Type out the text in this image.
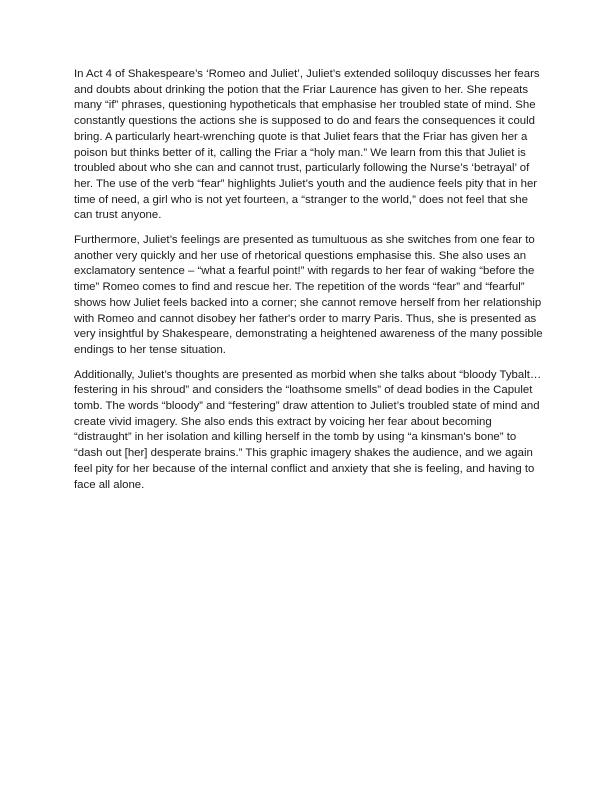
In Act 4 of Shakespeare’s ‘Romeo and Juliet’, Juliet’s extended soliloquy discusses her fears and doubts about drinking the potion that the Friar Laurence has given to her. She repeats many “if” phrases, questioning hypotheticals that emphasise her troubled state of mind. She constantly questions the actions she is supposed to do and fears the consequences it could bring. A particularly heart-wrenching quote is that Juliet fears that the Friar has given her a poison but thinks better of it, calling the Friar a “holy man.” We learn from this that Juliet is troubled about who she can and cannot trust, particularly following the Nurse’s ‘betrayal’ of her. The use of the verb “fear” highlights Juliet’s youth and the audience feels pity that in her time of need, a girl who is not yet fourteen, a “stranger to the world,” does not feel that she can trust anyone.

Furthermore, Juliet’s feelings are presented as tumultuous as she switches from one fear to another very quickly and her use of rhetorical questions emphasise this. She also uses an exclamatory sentence – “what a fearful point!” with regards to her fear of waking “before the time” Romeo comes to find and rescue her. The repetition of the words “fear” and “fearful” shows how Juliet feels backed into a corner; she cannot remove herself from her relationship with Romeo and cannot disobey her father's order to marry Paris. Thus, she is presented as very insightful by Shakespeare, demonstrating a heightened awareness of the many possible endings to her tense situation.

Additionally, Juliet’s thoughts are presented as morbid when she talks about “bloody Tybalt… festering in his shroud” and considers the “loathsome smells” of dead bodies in the Capulet tomb. The words “bloody” and “festering” draw attention to Juliet’s troubled state of mind and create vivid imagery. She also ends this extract by voicing her fear about becoming “distraught” in her isolation and killing herself in the tomb by using “a kinsman's bone” to “dash out [her] desperate brains.” This graphic imagery shakes the audience, and we again feel pity for her because of the internal conflict and anxiety that she is feeling, and having to face all alone.
